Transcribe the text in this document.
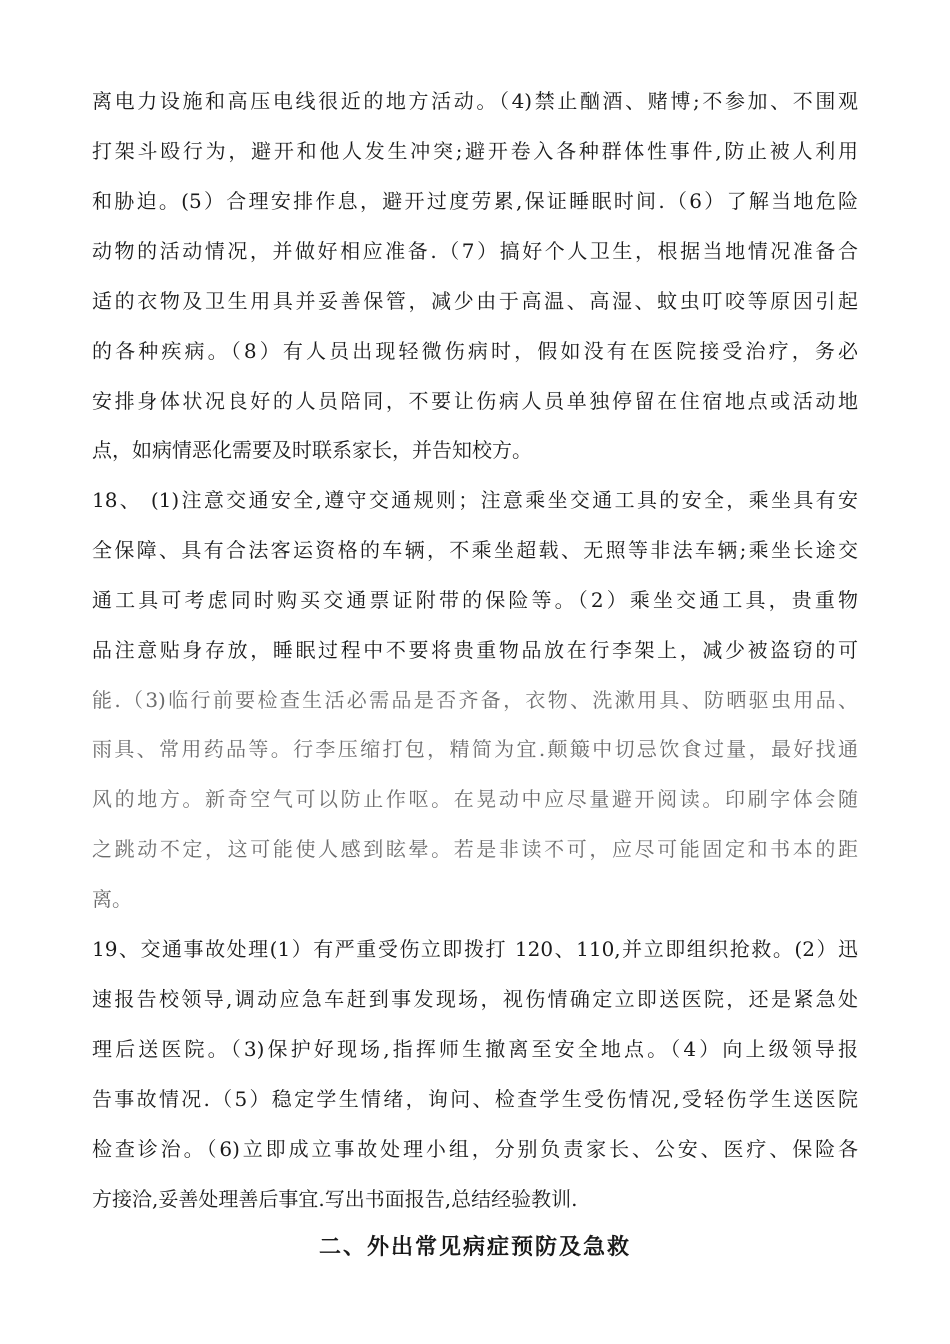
离电力设施和高压电线很近的地方活动。（4)禁止酗酒、赌博;不参加、不围观
打架斗殴行为，避开和他人发生冲突;避开卷入各种群体性事件,防止被人利用
和胁迫。(5）合理安排作息，避开过度劳累,保证睡眠时间.（6）了解当地危险
动物的活动情况，并做好相应准备.（7）搞好个人卫生，根据当地情况准备合
适的衣物及卫生用具并妥善保管，减少由于高温、高湿、蚊虫叮咬等原因引起
的各种疾病。（8）有人员出现轻微伤病时，假如没有在医院接受治疗，务必
安排身体状况良好的人员陪同，不要让伤病人员单独停留在住宿地点或活动地
点，如病情恶化需要及时联系家长，并告知校方。
18、 (1)注意交通安全,遵守交通规则；注意乘坐交通工具的安全，乘坐具有安
全保障、具有合法客运资格的车辆，不乘坐超载、无照等非法车辆;乘坐长途交
通工具可考虑同时购买交通票证附带的保险等。（2）乘坐交通工具，贵重物
品注意贴身存放，睡眠过程中不要将贵重物品放在行李架上，减少被盗窃的可
能.（3)临行前要检查生活必需品是否齐备，衣物、洗漱用具、防晒驱虫用品、
雨具、常用药品等。行李压缩打包，精简为宜.颠簸中切忌饮食过量，最好找通
风的地方。新奇空气可以防止作呕。在晃动中应尽量避开阅读。印刷字体会随
之跳动不定，这可能使人感到眩晕。若是非读不可，应尽可能固定和书本的距
离。
19、交通事故处理(1）有严重受伤立即拨打 120、110,并立即组织抢救。(2）迅
速报告校领导,调动应急车赶到事发现场，视伤情确定立即送医院，还是紧急处
理后送医院。（3)保护好现场,指挥师生撤离至安全地点。（4）向上级领导报
告事故情况.（5）稳定学生情绪，询问、检查学生受伤情况,受轻伤学生送医院
检查诊治。（6)立即成立事故处理小组，分别负责家长、公安、医疗、保险各
方接洽,妥善处理善后事宜.写出书面报告,总结经验教训.
二、外出常见病症预防及急救
